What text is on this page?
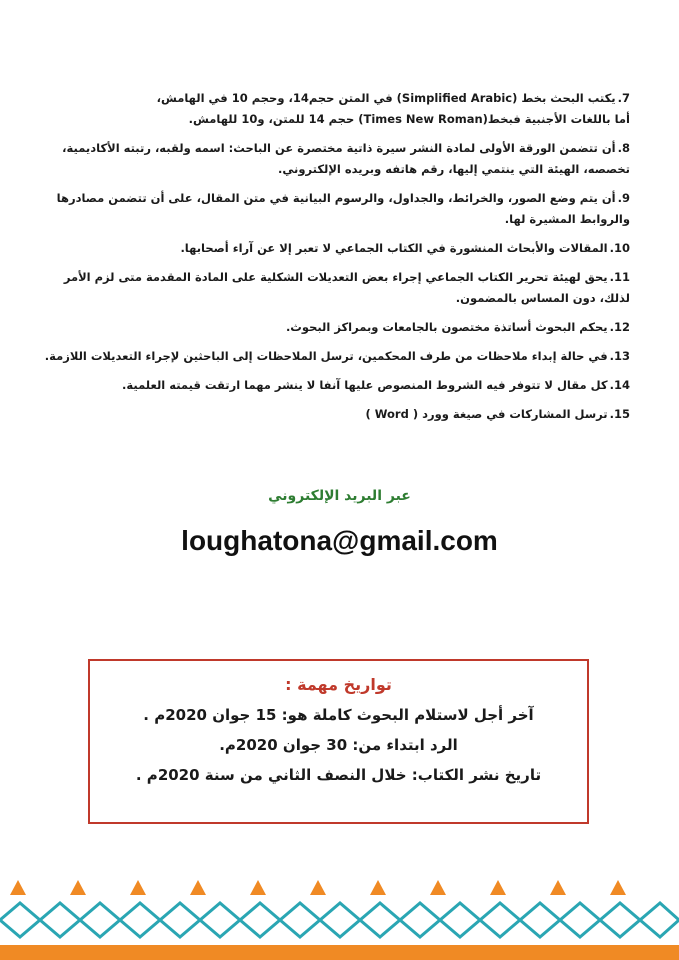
7.يكتب البحث بخط (Simplified Arabic) في المتن حجم14، وحجم 10 في الهامش،
أما باللغات الأجنبية فبخط(Times New Roman) حجم 14 للمتن، و10 للهامش.

8.أن تتضمن الورقة الأولى لمادة النشر سيرة ذاتية مختصرة عن الباحث: اسمه ولقبه، رتبته الأكاديمية، تخصصه، الهيئة التي ينتمي إليها، رقم هاتفه وبريده الإلكتروني.

9.أن يتم وضع الصور، والخرائط، والجداول، والرسوم البيانية في متن المقال، على أن تتضمن مصادرها والروابط المشيرة لها.

10.المقالات والأبحاث المنشورة في الكتاب الجماعي لا تعبر إلا عن آراء أصحابها.

11.يحق لهيئة تحرير الكتاب الجماعي إجراء بعض التعديلات الشكلية على المادة المقدمة متى لزم الأمر لذلك، دون المساس بالمضمون.

12.يحكم البحوث أساتذة مختصون بالجامعات وبمراكز البحوث.

13.في حالة إبداء ملاحظات من طرف المحكمين، ترسل الملاحظات إلى الباحثين لإجراء التعديلات اللازمة.

14.كل مقال لا تتوفر فيه الشروط المنصوص عليها آنفا لا ينشر مهما ارتقت قيمته العلمية.

15.ترسل المشاركات في صيغة وورد ( Word )

عبر البريد الإلكتروني
loughatona@gmail.com
تواريخ مهمة :
آخر أجل لاستلام البحوث كاملة هو: 15 جوان 2020م .
الرد ابتداء من: 30 جوان 2020م.
تاريخ نشر الكتاب: خلال النصف الثاني من سنة 2020م .
